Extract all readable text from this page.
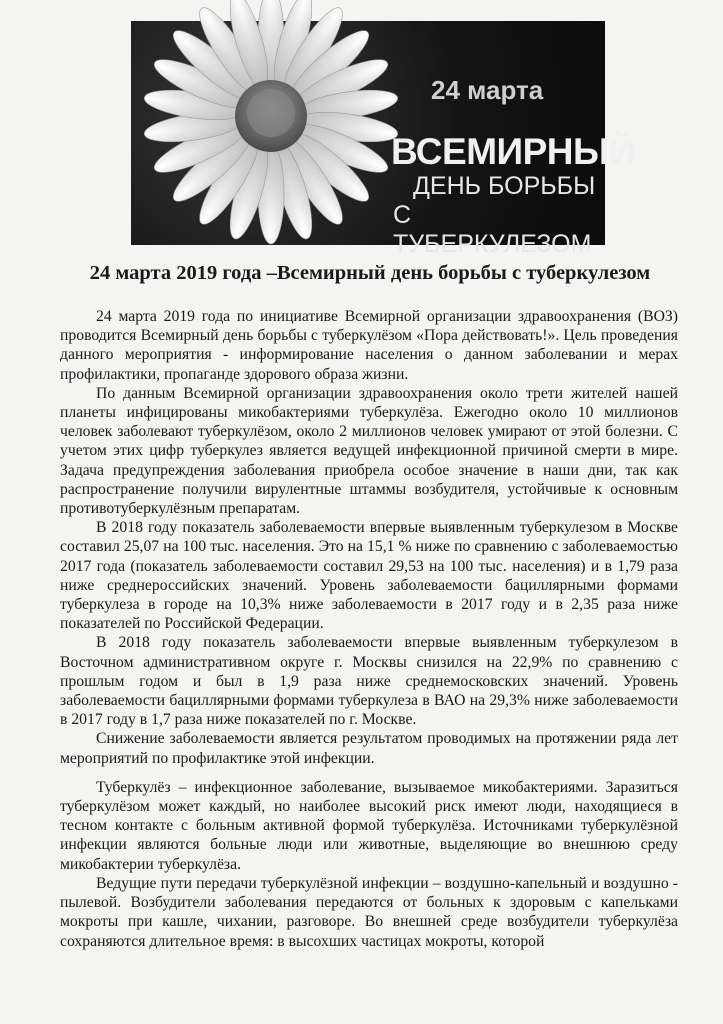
24 марта
ВСЕМИРНЫЙ
ДЕНЬ БОРЬБЫ
С ТУБЕРКУЛЕЗОМ
24 марта 2019 года –Всемирный день борьбы с туберкулезом

24 марта 2019 года по инициативе Всемирной организации здравоохранения (ВОЗ) проводится Всемирный день борьбы с туберкулёзом «Пора действовать!». Цель проведения данного мероприятия - информирование населения о данном заболевании и мерах профилактики, пропаганде здорового образа жизни.

По данным Всемирной организации здравоохранения около трети жителей нашей планеты инфицированы микобактериями туберкулёза. Ежегодно около 10 миллионов человек заболевают туберкулёзом, около 2 миллионов человек умирают от этой болезни. С учетом этих цифр туберкулез является ведущей инфекционной причиной смерти в мире. Задача предупреждения заболевания приобрела особое значение в наши дни, так как распространение получили вирулентные штаммы возбудителя, устойчивые к основным противотуберкулёзным препаратам.

В 2018 году показатель заболеваемости впервые выявленным туберкулезом в Москве составил 25,07 на 100 тыс. населения. Это на 15,1 % ниже по сравнению с заболеваемостью 2017 года (показатель заболеваемости составил 29,53 на 100 тыс. населения) и в 1,79 раза ниже среднероссийских значений. Уровень заболеваемости бациллярными формами туберкулеза в городе на 10,3% ниже заболеваемости в 2017 году и в 2,35 раза ниже показателей по Российской Федерации.

В 2018 году показатель заболеваемости впервые выявленным туберкулезом в Восточном административном округе г. Москвы снизился на 22,9% по сравнению с прошлым годом и был в 1,9 раза ниже среднемосковских значений. Уровень заболеваемости бациллярными формами туберкулеза в ВАО на 29,3% ниже заболеваемости в 2017 году в 1,7 раза ниже показателей по г. Москве.

Снижение заболеваемости является результатом проводимых на протяжении ряда лет мероприятий по профилактике этой инфекции.

Туберкулёз – инфекционное заболевание, вызываемое микобактериями. Заразиться туберкулёзом может каждый, но наиболее высокий риск имеют люди, находящиеся в тесном контакте с больным активной формой туберкулёза. Источниками туберкулёзной инфекции являются больные люди или животные, выделяющие во внешнюю среду микобактерии туберкулёза.

Ведущие пути передачи туберкулёзной инфекции – воздушно-капельный и воздушно - пылевой. Возбудители заболевания передаются от больных к здоровым с капельками мокроты при кашле, чихании, разговоре. Во внешней среде возбудители туберкулёза сохраняются длительное время: в высохших частицах мокроты, которой
